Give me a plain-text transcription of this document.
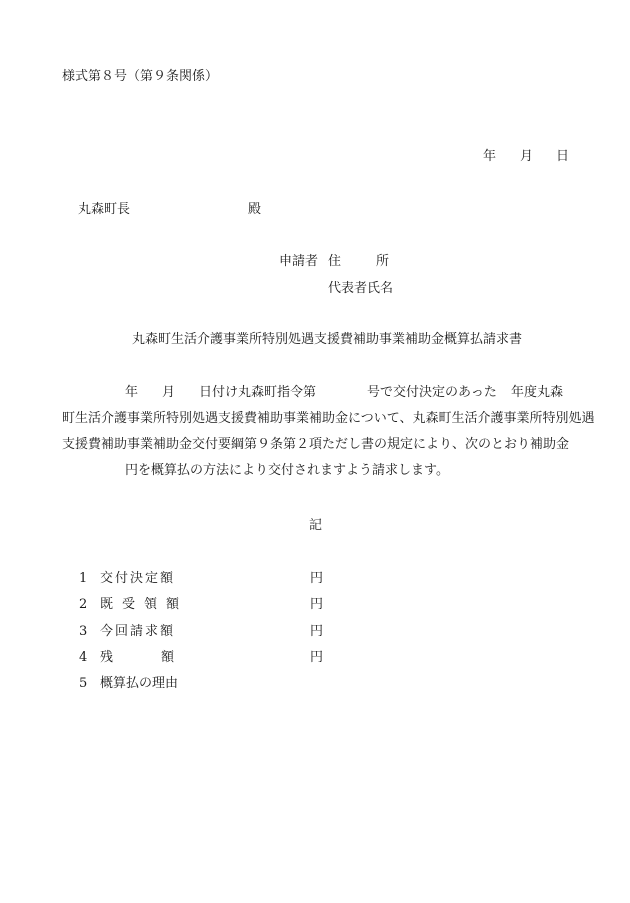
様式第８号（第９条関係）
年 月 日
丸森町長	殿
申請者 住　　所
代表者氏名
丸森町生活介護事業所特別処遇支援費補助事業補助金概算払請求書
年 月 日付け丸森町指令第	号で交付決定のあった 年度丸森
町生活介護事業所特別処遇支援費補助事業補助金について、丸森町生活介護事業所特別処遇
支援費補助事業補助金交付要綱第９条第２項ただし書の規定により、次のとおり補助金
円を概算払の方法により交付されますよう請求します。
記
1 交付決定額	円
2 既受領額	円
3 今回請求額	円
4 残額	円
5 概算払の理由
